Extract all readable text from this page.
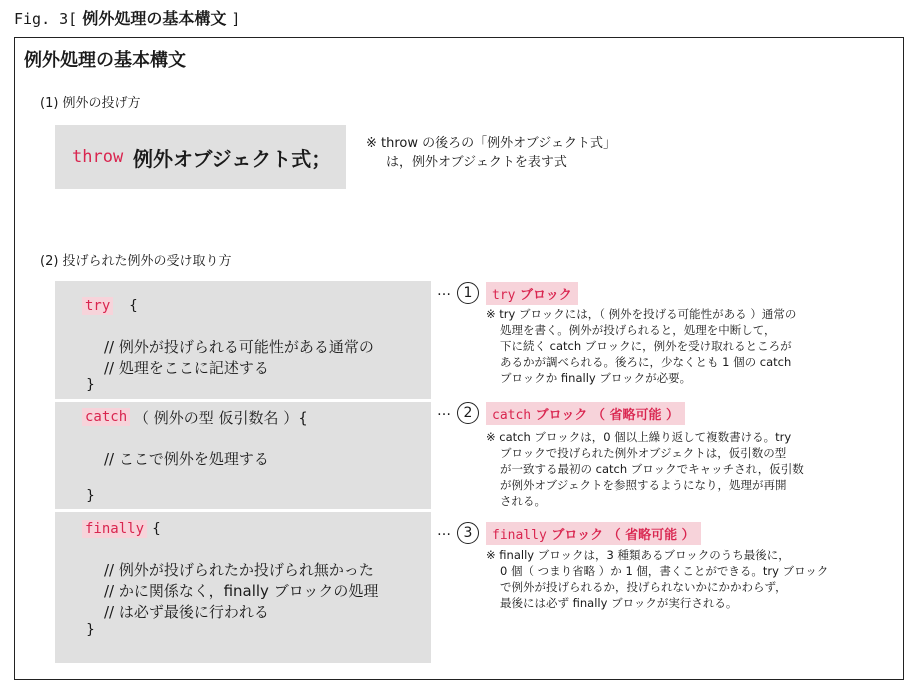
Fig. 3[ 例外処理の基本構文 ]
例外処理の基本構文
(1) 例外の投げ方
throw 例外オブジェクト式；
※ throw の後ろの「例外オブジェクト式」
は，例外オブジェクトを表す式
(2) 投げられた例外の受け取り方
try {
// 例外が投げられる可能性がある通常の
// 処理をここに記述する
}
catch （ 例外の型 仮引数名 ）{
// ここで例外を処理する
}
finally {
// 例外が投げられたか投げられ無かった
// かに関係なく，finally ブロックの処理
// は必ず最後に行われる
}
… 1	try ブロック
※ try ブロックには，（ 例外を投げる可能性がある ）通常の
処理を書く。例外が投げられると，処理を中断して，
下に続く catch ブロックに，例外を受け取れるところが
あるかが調べられる。後ろに，少なくとも 1 個の catch
ブロックか finally ブロックが必要。
… 2	catch ブロック （ 省略可能 ）
※ catch ブロックは，0 個以上繰り返して複数書ける。try
ブロックで投げられた例外オブジェクトは，仮引数の型
が一致する最初の catch ブロックでキャッチされ，仮引数
が例外オブジェクトを参照するようになり，処理が再開
される。
… 3	finally ブロック （ 省略可能 ）
※ finally ブロックは，3 種類あるブロックのうち最後に，
0 個（ つまり省略 ）か 1 個，書くことができる。try ブロック
で例外が投げられるか，投げられないかにかかわらず，
最後には必ず finally ブロックが実行される。
